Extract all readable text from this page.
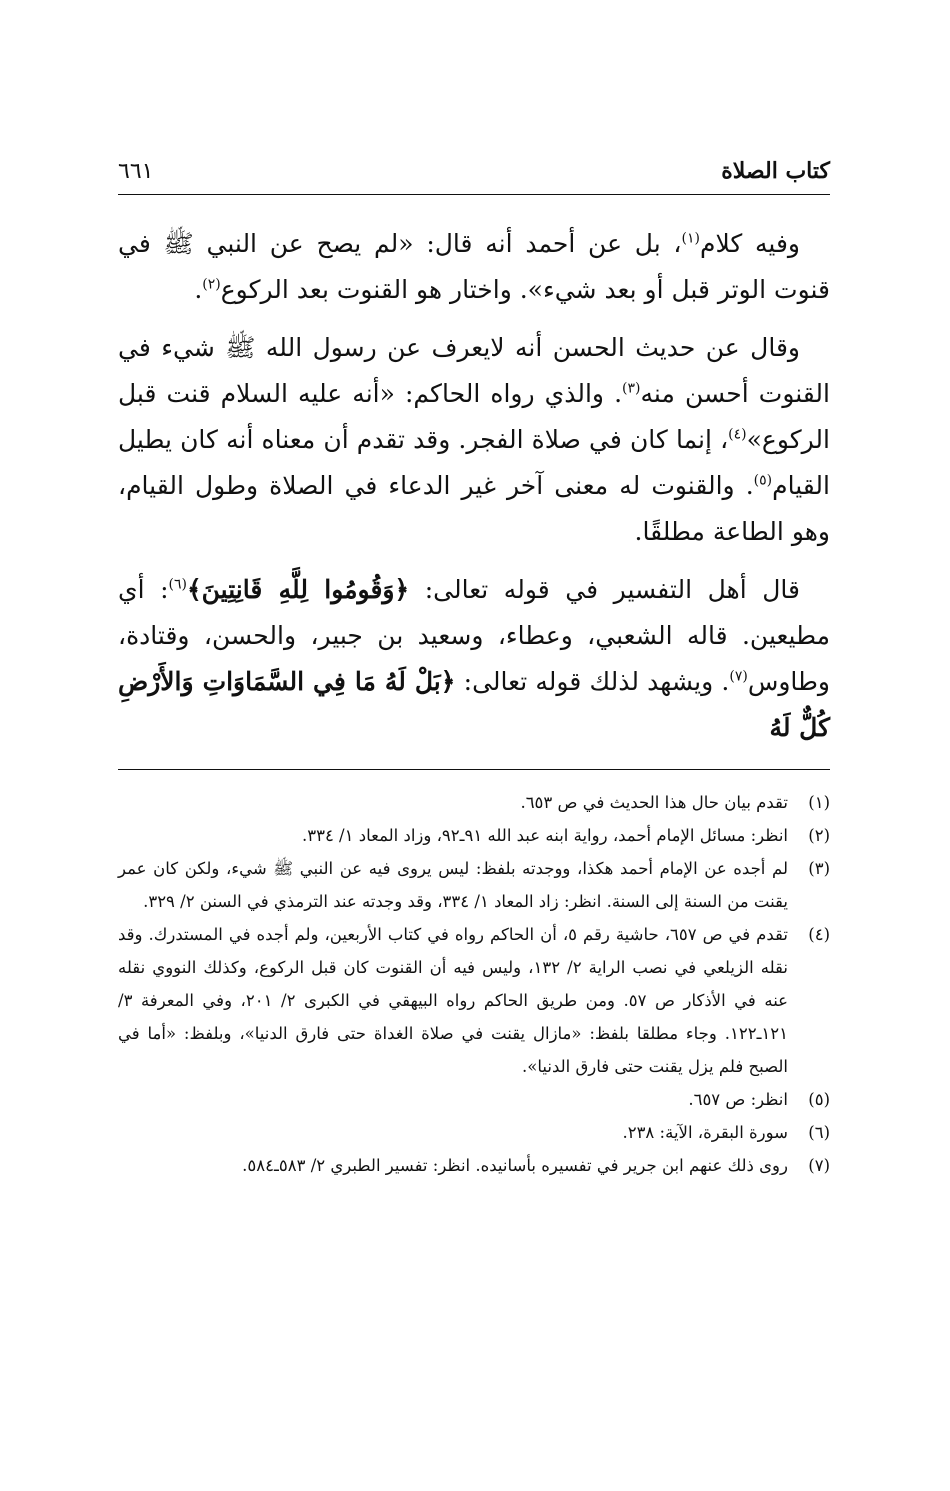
كتاب الصلاة
٦٦١

وفيه كلام$^{(١)}$، بل عن أحمد أنه قال: «لم يصح عن النبي ﷺ في قنوت الوتر قبل أو بعد شيء». واختار هو القنوت بعد الركوع$^{(٢)}$.

وقال عن حديث الحسن أنه لايعرف عن رسول الله ﷺ شيء في القنوت أحسن منه$^{(٣)}$. والذي رواه الحاكم: «أنه عليه السلام قنت قبل الركوع»$^{(٤)}$، إنما كان في صلاة الفجر. وقد تقدم أن معناه أنه كان يطيل القيام$^{(٥)}$. والقنوت له معنى آخر غير الدعاء في الصلاة وطول القيام، وهو الطاعة مطلقًا.

قال أهل التفسير في قوله تعالى: ﴿وَقُومُوا لِلَّهِ قَانِتِينَ﴾$^{(٦)}$: أي مطيعين. قاله الشعبي، وعطاء، وسعيد بن جبير، والحسن، وقتادة، وطاوس$^{(٧)}$. ويشهد لذلك قوله تعالى: ﴿بَلْ لَهُ مَا فِي السَّمَاوَاتِ وَالأَرْضِ كُلٌّ لَهُ

(١)
تقدم بيان حال هذا الحديث في ص ٦٥٣.
(٢)
انظر: مسائل الإمام أحمد، رواية ابنه عبد الله ٩١ـ٩٢، وزاد المعاد ١/ ٣٣٤.
(٣)
لم أجده عن الإمام أحمد هكذا، ووجدته بلفظ: ليس يروى فيه عن النبي ﷺ شيء، ولكن كان عمر يقنت من السنة إلى السنة. انظر: زاد المعاد ١/ ٣٣٤، وقد وجدته عند الترمذي في السنن ٢/ ٣٢٩.
(٤)
تقدم في ص ٦٥٧، حاشية رقم ٥، أن الحاكم رواه في كتاب الأربعين، ولم أجده في المستدرك. وقد نقله الزيلعي في نصب الراية ٢/ ١٣٢، وليس فيه أن القنوت كان قبل الركوع، وكذلك النووي نقله عنه في الأذكار ص ٥٧. ومن طريق الحاكم رواه البيهقي في الكبرى ٢/ ٢٠١، وفي المعرفة ٣/ ١٢١ـ١٢٢. وجاء مطلقا بلفظ: «مازال يقنت في صلاة الغداة حتى فارق الدنيا»، وبلفظ: «أما في الصبح فلم يزل يقنت حتى فارق الدنيا».
(٥)
انظر: ص ٦٥٧.
(٦)
سورة البقرة، الآية: ٢٣٨.
(٧)
روى ذلك عنهم ابن جرير في تفسيره بأسانيده. انظر: تفسير الطبري ٢/ ٥٨٣ـ٥٨٤.
